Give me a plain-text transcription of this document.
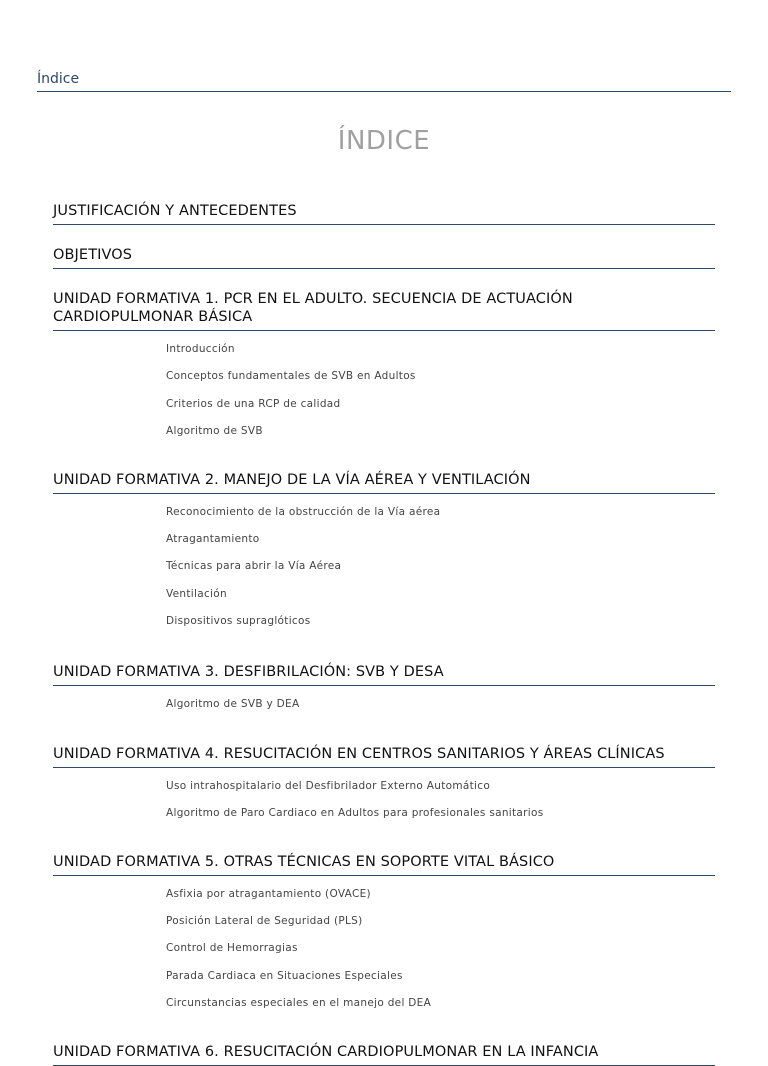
Índice
ÍNDICE
JUSTIFICACIÓN Y ANTECEDENTES
OBJETIVOS
UNIDAD FORMATIVA 1. PCR EN EL ADULTO. SECUENCIA DE ACTUACIÓN CARDIOPULMONAR BÁSICA
Introducción
Conceptos fundamentales de SVB en Adultos
Criterios de una RCP de calidad
Algoritmo de SVB
UNIDAD FORMATIVA 2. MANEJO DE LA VÍA AÉREA Y VENTILACIÓN
Reconocimiento de la obstrucción de la Vía aérea
Atragantamiento
Técnicas para abrir la Vía Aérea
Ventilación
Dispositivos supraglóticos
UNIDAD FORMATIVA 3. DESFIBRILACIÓN: SVB Y DESA
Algoritmo de SVB y DEA
UNIDAD FORMATIVA 4. RESUCITACIÓN EN CENTROS SANITARIOS Y ÁREAS CLÍNICAS
Uso intrahospitalario del Desfibrilador Externo Automático
Algoritmo de Paro Cardiaco en Adultos para profesionales sanitarios
UNIDAD FORMATIVA 5. OTRAS TÉCNICAS EN SOPORTE VITAL BÁSICO
Asfixia por atragantamiento (OVACE)
Posición Lateral de Seguridad (PLS)
Control de Hemorragias
Parada Cardiaca en Situaciones Especiales
Circunstancias especiales en el manejo del DEA
UNIDAD FORMATIVA 6. RESUCITACIÓN CARDIOPULMONAR EN LA INFANCIA
